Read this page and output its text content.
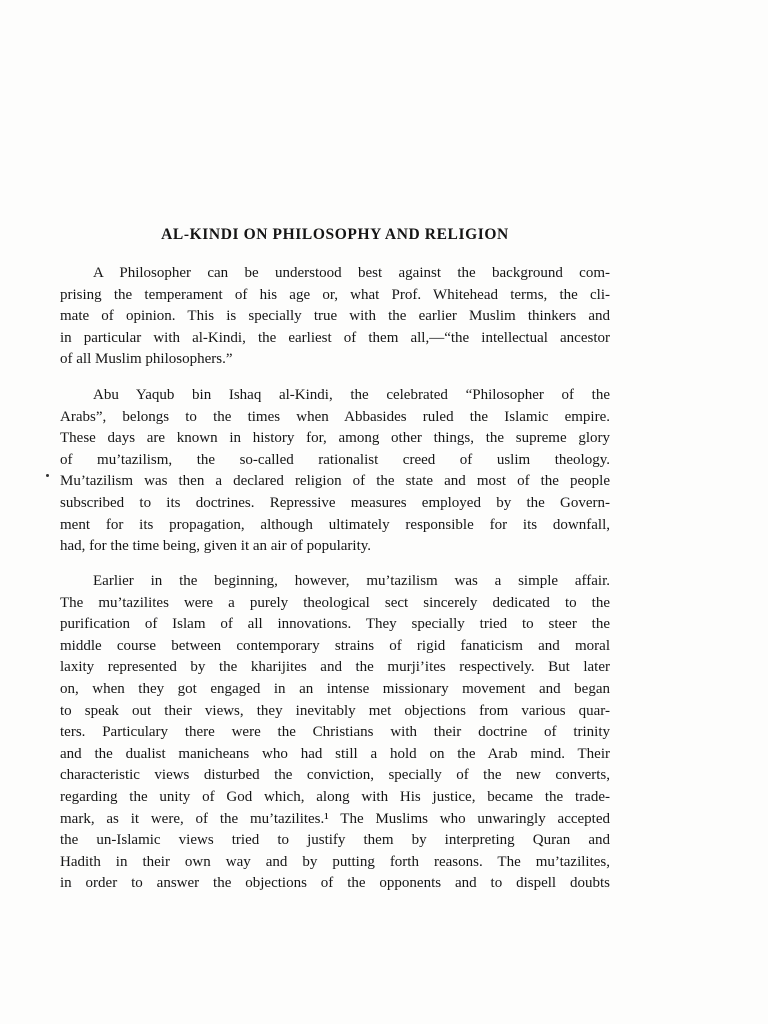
AL-KINDI ON PHILOSOPHY AND RELIGION
A Philosopher can be understood best against the background com-
prising the temperament of his age or, what Prof. Whitehead terms, the cli-
mate of opinion. This is specially true with the earlier Muslim thinkers and
in particular with al-Kindi, the earliest of them all,—“the intellectual ancestor
of all Muslim philosophers.”
Abu Yaqub bin Ishaq al-Kindi, the celebrated “Philosopher of the
Arabs”, belongs to the times when Abbasides ruled the Islamic empire.
These days are known in history for, among other things, the supreme glory
of mu’tazilism, the so-called rationalist creed of uslim theology.
Mu’tazilism was then a declared religion of the state and most of the people
subscribed to its doctrines. Repressive measures employed by the Govern-
ment for its propagation, although ultimately responsible for its downfall,
had, for the time being, given it an air of popularity.
Earlier in the beginning, however, mu’tazilism was a simple affair.
The mu’tazilites were a purely theological sect sincerely dedicated to the
purification of Islam of all innovations. They specially tried to steer the
middle course between contemporary strains of rigid fanaticism and moral
laxity represented by the kharijites and the murji’ites respectively. But later
on, when they got engaged in an intense missionary movement and began
to speak out their views, they inevitably met objections from various quar-
ters. Particulary there were the Christians with their doctrine of trinity
and the dualist manicheans who had still a hold on the Arab mind. Their
characteristic views disturbed the conviction, specially of the new converts,
regarding the unity of God which, along with His justice, became the trade-
mark, as it were, of the mu’tazilites.¹ The Muslims who unwaringly accepted
the un-Islamic views tried to justify them by interpreting Quran and
Hadith in their own way and by putting forth reasons. The mu’tazilites,
in order to answer the objections of the opponents and to dispell doubts
